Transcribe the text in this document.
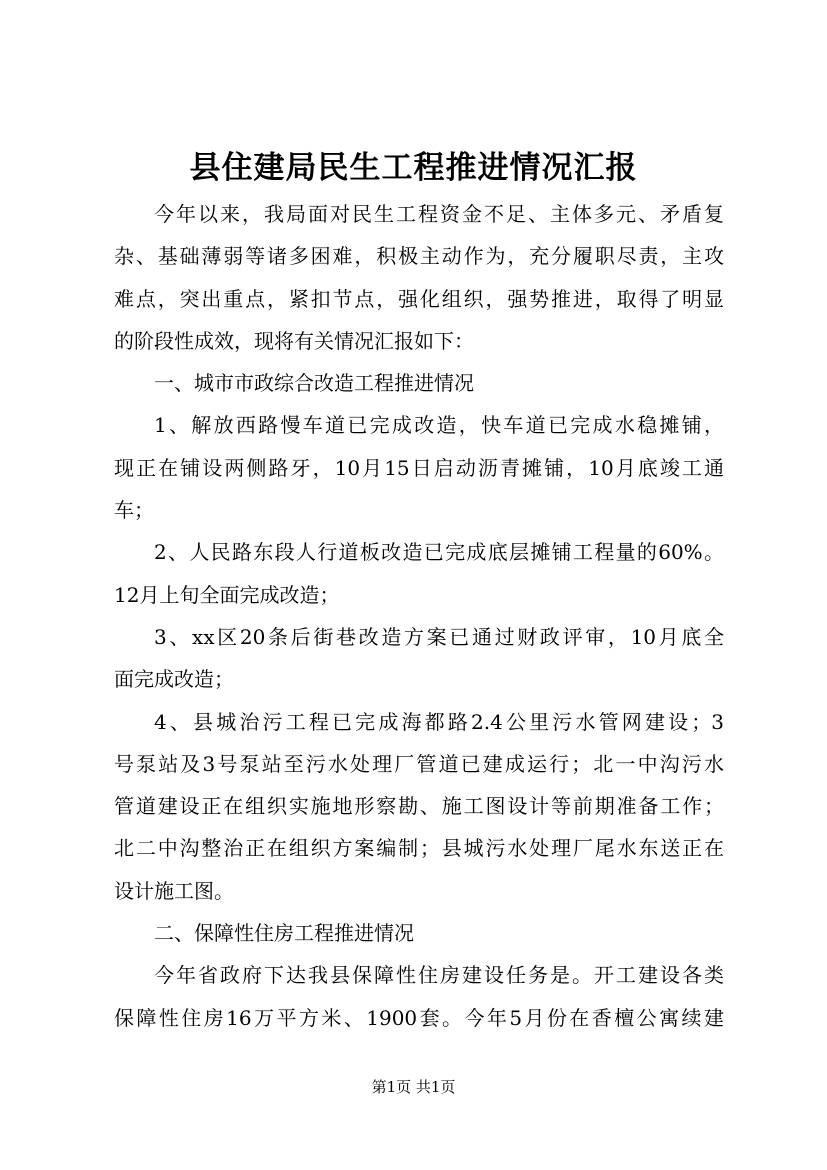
县住建局民生工程推进情况汇报
今年以来，我局面对民生工程资金不足、主体多元、矛盾复
杂、基础薄弱等诸多困难，积极主动作为，充分履职尽责，主攻
难点，突出重点，紧扣节点，强化组织，强势推进，取得了明显
的阶段性成效，现将有关情况汇报如下：
一、城市市政综合改造工程推进情况
1、解放西路慢车道已完成改造，快车道已完成水稳摊铺，
现正在铺设两侧路牙，10月15日启动沥青摊铺，10月底竣工通
车；
2、人民路东段人行道板改造已完成底层摊铺工程量的60%。
12月上旬全面完成改造；
3、xx区20条后街巷改造方案已通过财政评审，10月底全
面完成改造；
4、县城治污工程已完成海都路2.4公里污水管网建设；3
号泵站及3号泵站至污水处理厂管道已建成运行；北一中沟污水
管道建设正在组织实施地形察勘、施工图设计等前期准备工作；
北二中沟整治正在组织方案编制；县城污水处理厂尾水东送正在
设计施工图。
二、保障性住房工程推进情况
今年省政府下达我县保障性住房建设任务是。开工建设各类
保障性住房16万平方米、1900套。今年5月份在香檀公寓续建
第1页 共1页
